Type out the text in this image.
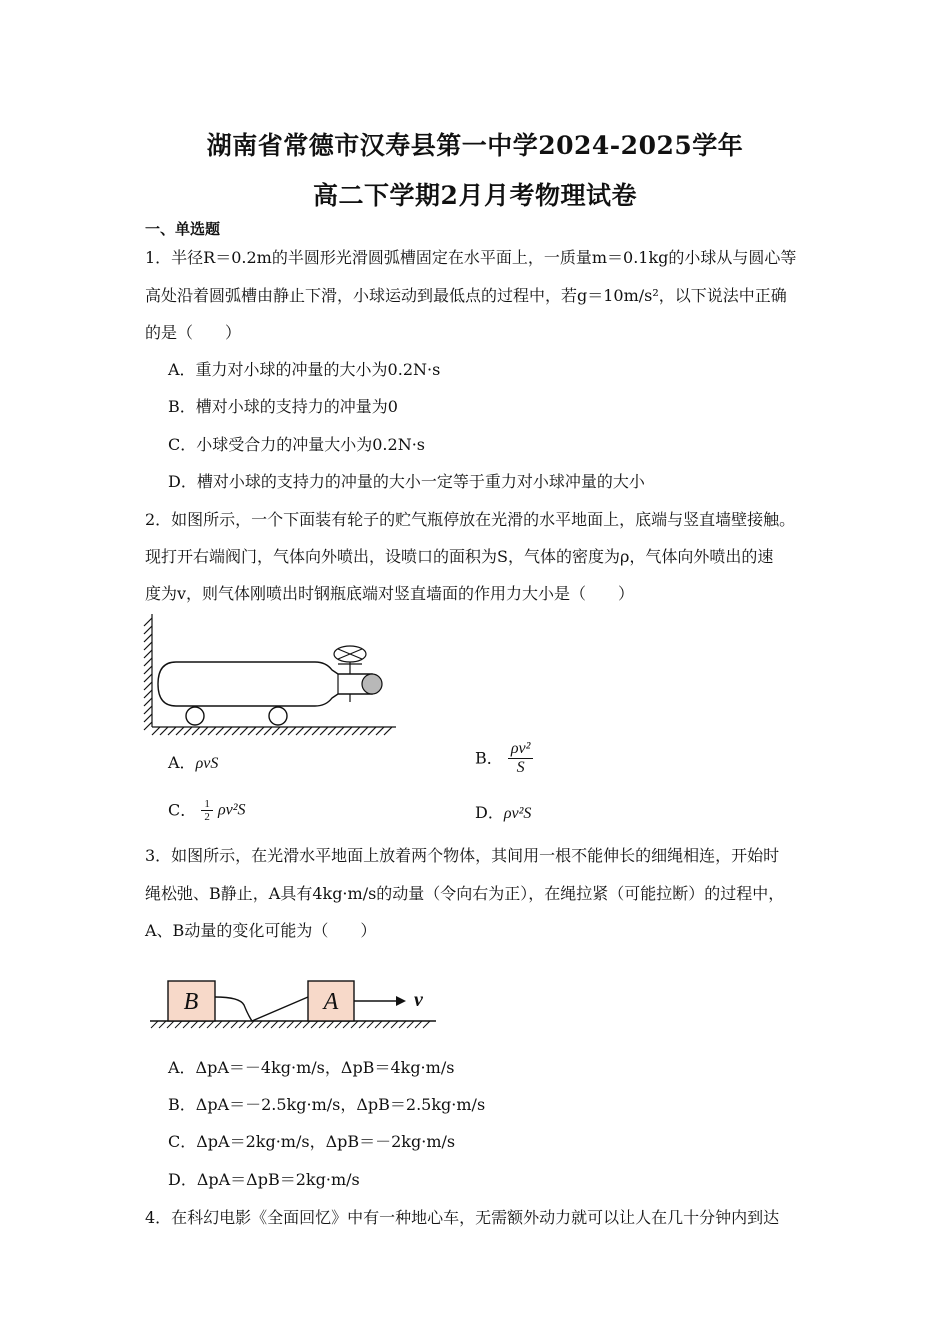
湖南省常德市汉寿县第一中学2024-2025学年
高二下学期2月月考物理试卷
一、单选题
1．半径R＝0.2m的半圆形光滑圆弧槽固定在水平面上，一质量m＝0.1kg的小球从与圆心等
高处沿着圆弧槽由静止下滑，小球运动到最低点的过程中，若g＝10m/s²，以下说法中正确
的是（　　）
A．重力对小球的冲量的大小为0.2N·s
B．槽对小球的支持力的冲量为0
C．小球受合力的冲量大小为0.2N·s
D．槽对小球的支持力的冲量的大小一定等于重力对小球冲量的大小
2．如图所示，一个下面装有轮子的贮气瓶停放在光滑的水平地面上，底端与竖直墙壁接触。
现打开右端阀门，气体向外喷出，设喷口的面积为S，气体的密度为ρ，气体向外喷出的速
度为v，则气体刚喷出时钢瓶底端对竖直墙面的作用力大小是（　　）
A．ρvS	B． $\frac{\text{ρv²}}{S}$
C． $\frac{1}{2} \rho v^2S$	D．ρv²S
3．如图所示，在光滑水平地面上放着两个物体，其间用一根不能伸长的细绳相连，开始时
绳松弛、B静止，A具有4kg·m/s的动量（令向右为正），在绳拉紧（可能拉断）的过程中，
A、B动量的变化可能为（　　）
B	A	v
A．ΔpA＝－4kg·m/s，ΔpB＝4kg·m/s
B．ΔpA＝－2.5kg·m/s，ΔpB＝2.5kg·m/s
C．ΔpA＝2kg·m/s，ΔpB＝－2kg·m/s
D．ΔpA＝ΔpB＝2kg·m/s
4．在科幻电影《全面回忆》中有一种地心车，无需额外动力就可以让人在几十分钟内到达
